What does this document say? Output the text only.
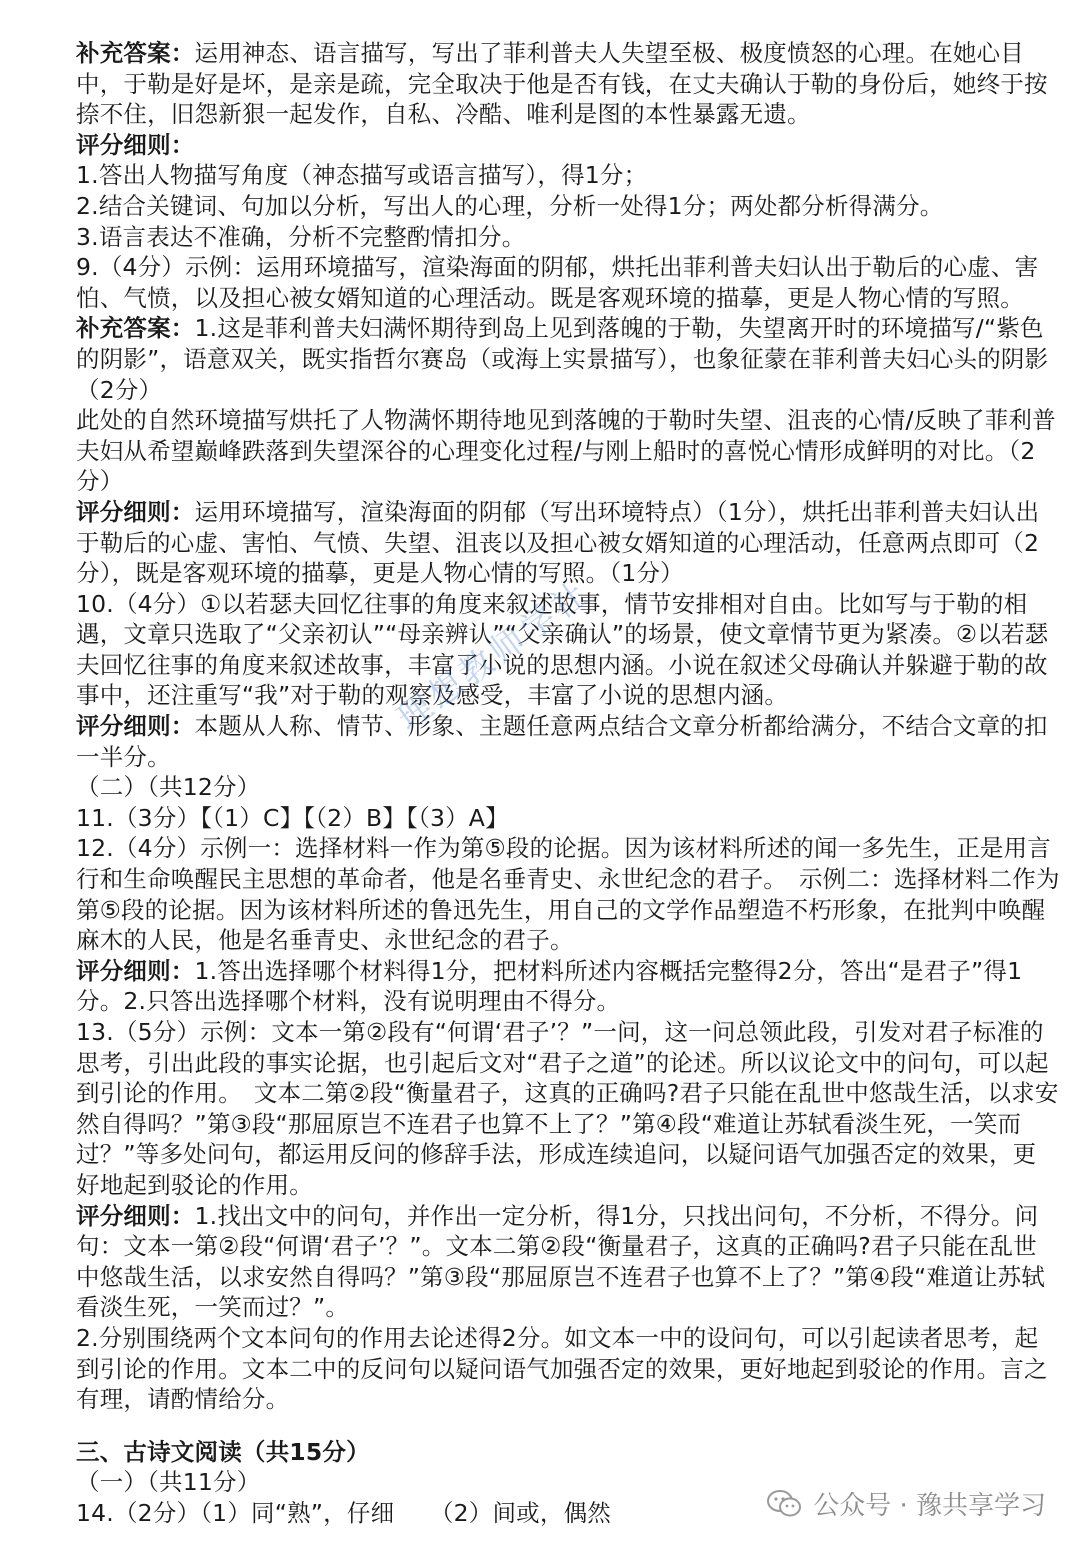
补充答案：运用神态、语言描写，写出了菲利普夫人失望至极、极度愤怒的心理。在她心目中，于勒是好是坏，是亲是疏，完全取决于他是否有钱，在丈夫确认于勒的身份后，她终于按捺不住，旧怨新狠一起发作，自私、冷酷、唯利是图的本性暴露无遗。

评分细则：

1.答出人物描写角度（神态描写或语言描写），得1分；

2.结合关键词、句加以分析，写出人的心理，分析一处得1分；两处都分析得满分。

3.语言表达不准确，分析不完整酌情扣分。

9.（4分）示例：运用环境描写，渲染海面的阴郁，烘托出菲利普夫妇认出于勒后的心虚、害怕、气愤，以及担心被女婿知道的心理活动。既是客观环境的描摹，更是人物心情的写照。

补充答案：1.这是菲利普夫妇满怀期待到岛上见到落魄的于勒，失望离开时的环境描写/“紫色的阴影”，语意双关，既实指哲尔赛岛（或海上实景描写），也象征蒙在菲利普夫妇心头的阴影（2分）

此处的自然环境描写烘托了人物满怀期待地见到落魄的于勒时失望、沮丧的心情/反映了菲利普夫妇从希望巅峰跌落到失望深谷的心理变化过程/与刚上船时的喜悦心情形成鲜明的对比。（2分）

评分细则：运用环境描写，渲染海面的阴郁（写出环境特点）（1分），烘托出菲利普夫妇认出于勒后的心虚、害怕、气愤、失望、沮丧以及担心被女婿知道的心理活动，任意两点即可（2分），既是客观环境的描摹，更是人物心情的写照。（1分）

10.（4分）①以若瑟夫回忆往事的角度来叙述故事，情节安排相对自由。比如写与于勒的相遇，文章只选取了“父亲初认”“母亲辨认”“父亲确认”的场景，使文章情节更为紧凑。②以若瑟夫回忆往事的角度来叙述故事，丰富了小说的思想内涵。小说在叙述父母确认并躲避于勒的故事中，还注重写“我”对于勒的观察及感受，丰富了小说的思想内涵。

评分细则：本题从人称、情节、形象、主题任意两点结合文章分析都给满分，不结合文章的扣一半分。

（二）（共12分）

11.（3分）【（1）C】【（2）B】【（3）A】

12.（4分）示例一：选择材料一作为第⑤段的论据。因为该材料所述的闻一多先生，正是用言行和生命唤醒民主思想的革命者，他是名垂青史、永世纪念的君子。　示例二：选择材料二作为第⑤段的论据。因为该材料所述的鲁迅先生，用自己的文学作品塑造不朽形象，在批判中唤醒麻木的人民，他是名垂青史、永世纪念的君子。

评分细则：1.答出选择哪个材料得1分，把材料所述内容概括完整得2分，答出“是君子”得1分。2.只答出选择哪个材料，没有说明理由不得分。

13.（5分）示例：文本一第②段有“何谓‘君子’？”一问，这一问总领此段，引发对君子标准的思考，引出此段的事实论据，也引起后文对“君子之道”的论述。所以议论文中的问句，可以起到引论的作用。　文本二第②段“衡量君子，这真的正确吗?君子只能在乱世中悠哉生活，以求安然自得吗？”第③段“那屈原岂不连君子也算不上了？”第④段“难道让苏轼看淡生死，一笑而过？”等多处问句，都运用反问的修辞手法，形成连续追问，以疑问语气加强否定的效果，更好地起到驳论的作用。

评分细则：1.找出文中的问句，并作出一定分析，得1分，只找出问句，不分析，不得分。问句：文本一第②段“何谓‘君子’？”。文本二第②段“衡量君子，这真的正确吗?君子只能在乱世中悠哉生活，以求安然自得吗？”第③段“那屈原岂不连君子也算不上了？”第④段“难道让苏轼看淡生死，一笑而过？”。

2.分别围绕两个文本问句的作用去论述得2分。如文本一中的设问句，可以引起读者思考，起到引论的作用。文本二中的反问句以疑问语气加强否定的效果，更好地起到驳论的作用。言之有理，请酌情给分。

三、古诗文阅读（共15分）

（一）（共11分）

14.（2分）（1）同“熟”，仔细　　（2）间或，偶然

理想教师学社
公众号 · 豫共享学习
